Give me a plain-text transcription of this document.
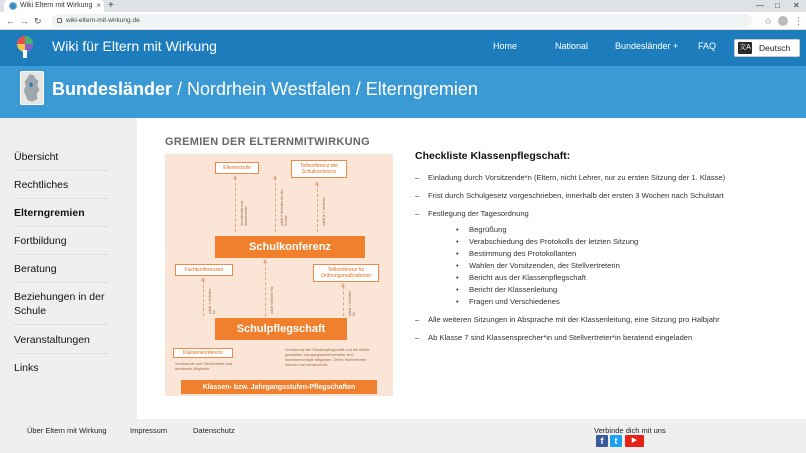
Wiki Eltern mit Wirkung × +	— □ ✕
← → ↻	wiki-eltern-mit-wirkung.de	☆ ⋮
Wiki für Eltern mit Wirkung	Home	National	Bundesländer + FAQ	文A Deutsch
Bundesländer / Nordrhein Westfalen / Elterngremien
Übersicht
Rechtliches
Elterngremien
Fortbildung
Beratung
Beziehungen in der Schule
Veranstaltungen
Links
GREMIEN DER ELTERNMITWIRKUNG
Elternschule	Teilkonferenz der Schulkonferenz
Vorsitzende und Stellvertreter	wählt 2 Vertreter für die Schule	wählt je 1 Vertreter
Schulkonferenz
Fachkonferenzen	Teilkonferenz für Ordnungsmaßnahmen
wählt 1 Vertreter für	wählt Vertreter für	wählt 1 Vertreter für
Schulpflegschaft
Klassenkonferenz
Vorsitzende und Stellvertreter und beratende Mitglieder
Vorsitzende der Klassenpflegschaft und die hierfür gewählten Jahrgangsstufenvertreter sind stimmberechtigte Mitglieder. Deren Stellvertreter nehmen nur beratend teil.
Klassen- bzw. Jahrgangsstufen-Pflegschaften
Checkliste Klassenpflegschaft:
– Einladung durch Vorsitzende*n (Eltern, nicht Lehrer, nur zu ersten Sitzung der 1. Klasse)
– Frist durch Schulgesetz vorgeschrieben, innerhalb der ersten 3 Wochen nach Schulstart
– Festlegung der Tagesordnung
• Begrüßung
• Verabschiedung des Protokolls der letzten Sitzung
• Bestimmung des Protokollanten
• Wahlen der Vorsitzenden, der Stellvertreterin
• Bericht aus der Klassenpflegschaft
• Bericht der Klassenleitung
• Fragen und Verschiedenes
– Alle weiteren Sitzungen in Absprache mit der Klassenleitung, eine Sitzung pro Halbjahr
– Ab Klasse 7 sind Klassensprecher*in und Stellvertreter*in beratend eingeladen
Über Eltern mit Wirkung	Impressum	Datenschutz	Verbinde dich mit uns
f	t	▶
